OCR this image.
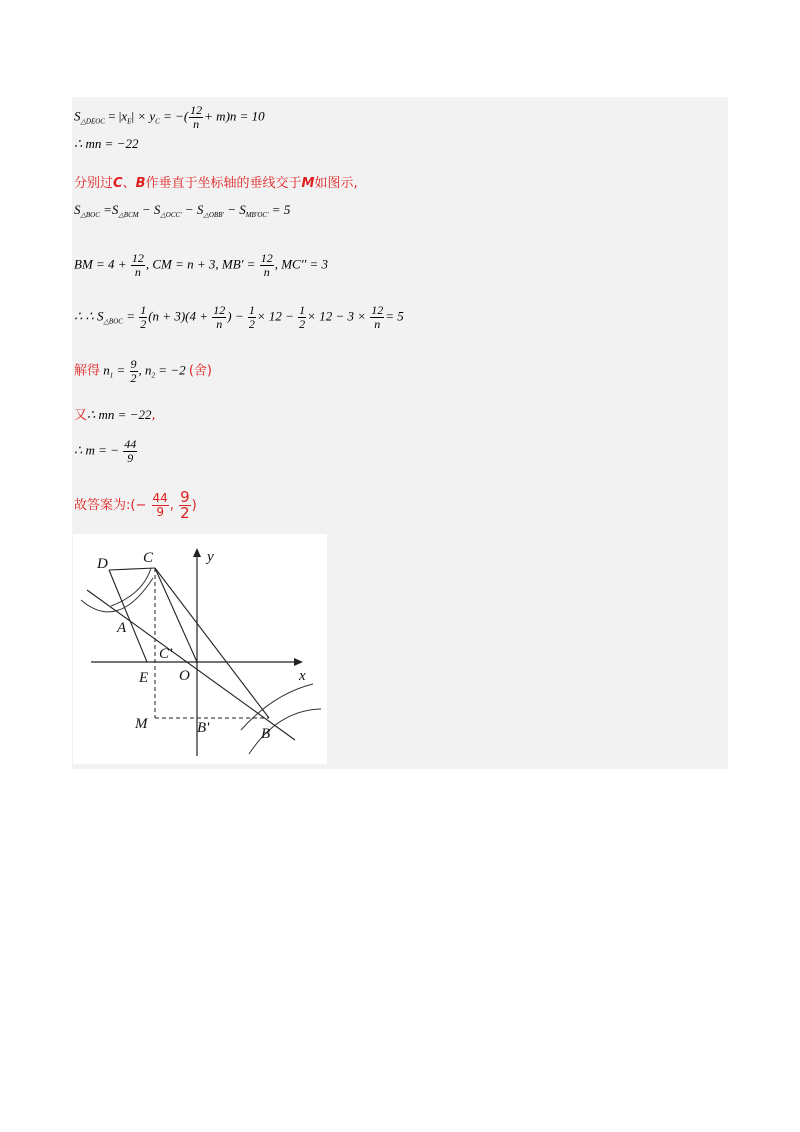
$S_{\triangle DEOC} = |x_E| \times y_C$ = −( $\frac{12}{n} + m)n = 10$
∴ mn = −22
分别过C、B作垂直于坐标轴的垂线交于M如图示,
$S_{\triangle BOC} =S_{\triangle BCM} - S_{\triangle OCC'} - S_{\triangle OBB'} - S_{MB'OC'} = 5$
BM = $4 + \frac{12}{n}$ , CM = n + 3, $MB' = \frac{12}{n}$ , MC'' = 3
∴ ∴ $S_{\triangle BOC} = \frac{1}{2} (n + 3)(4 + \frac{12}{n}$ ) − $\frac{1}{2} \times 12 - \frac{1}{2} \times 12 - 3 \times \frac{12}{n} = 5$
解得 $n_1 = \frac{9}{2}$ , $n_2 = -2$ (舍)
又∴ mn = −22,
∴ m = − $\frac{44}{9}$
故答案为:(− $\frac{44}{9}$ , $\frac{9}{2}$ )
D C	y
A
C'
x
E O
M	B'	B
